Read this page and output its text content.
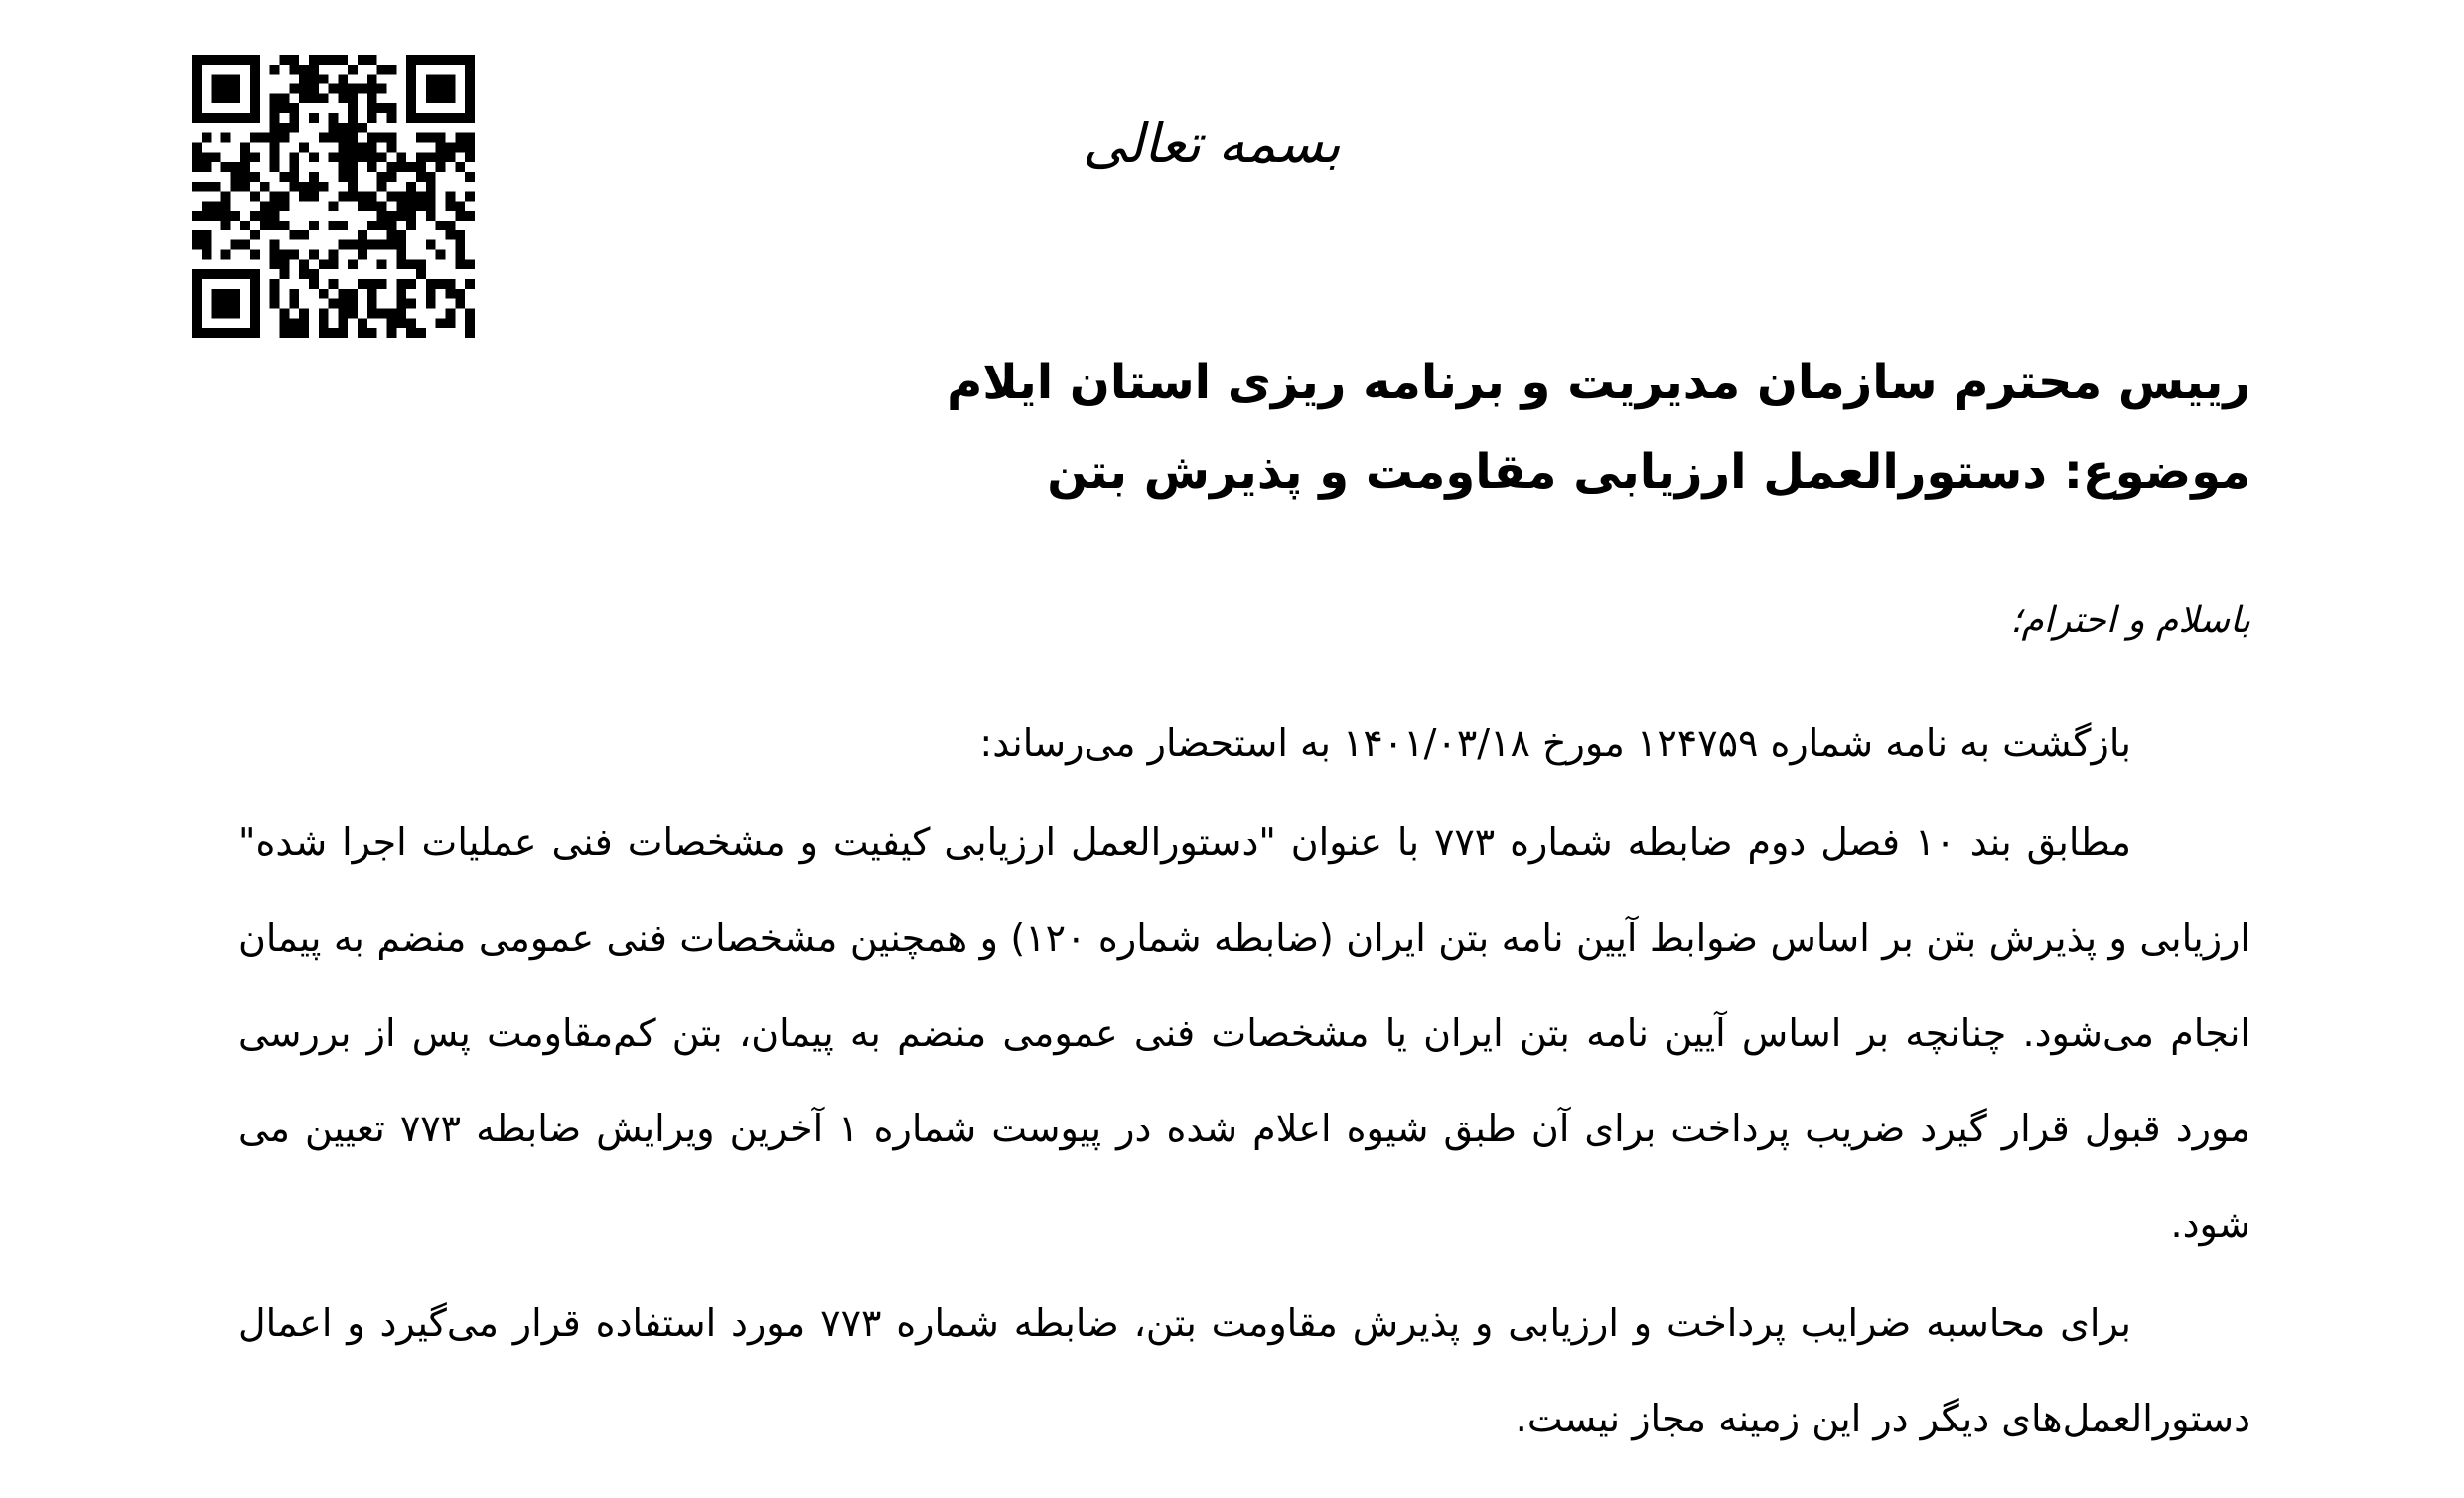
بسمه تعالی
رییس محترم سازمان مدیریت و برنامه ریزی استان ایلام
موضوع: دستورالعمل ارزیابی مقاومت و پذیرش بتن
باسلام و احترام؛

بازگشت به نامه شماره ۱۲۴۷۵۹ مورخ ۱۴۰۱/۰۳/۱۸ به استحضار می‌رساند:

مطابق بند ۱۰ فصل دوم ضابطه شماره ۷۷۳ با عنوان "دستورالعمل ارزیابی کیفیت و مشخصات فنی عملیات اجرا شده" ارزیابی و پذیرش بتن بر اساس ضوابط آیین نامه بتن ایران (ضابطه شماره ۱۲۰) و همچنین مشخصات فنی عمومی منضم به پیمان انجام می‌شود. چنانچه بر اساس آیین نامه بتن ایران یا مشخصات فنی عمومی منضم به پیمان، بتن کم‌مقاومت پس از بررسی مورد قبول قرار گیرد ضریب پرداخت برای آن طبق شیوه اعلام شده در پیوست شماره ۱ آخرین ویرایش ضابطه ۷۷۳ تعیین می شود.

برای محاسبه ضرایب پرداخت و ارزیابی و پذیرش مقاومت بتن، ضابطه شماره ۷۷۳ مورد استفاده قرار می‌گیرد و اعمال دستورالعمل‌های دیگر در این زمینه مجاز نیست.
